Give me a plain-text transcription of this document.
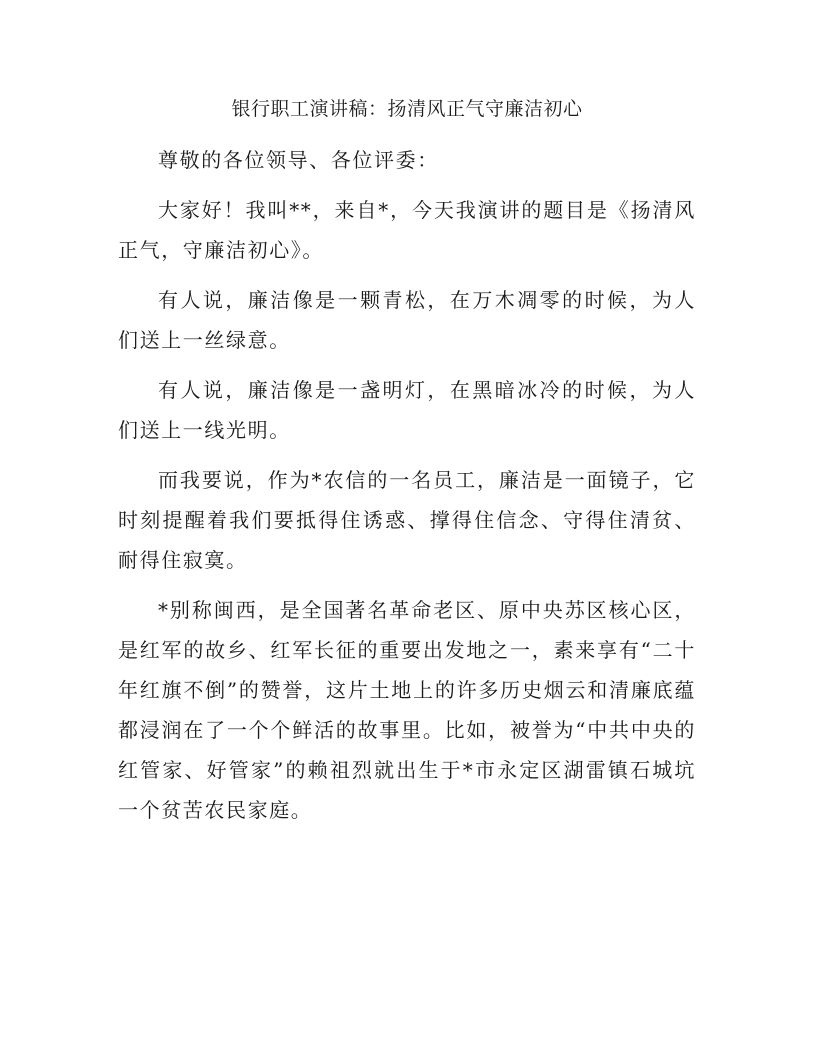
银行职工演讲稿：扬清风正气守廉洁初心

尊敬的各位领导、各位评委：

大家好！我叫**，来自*，今天我演讲的题目是《扬清风正气，守廉洁初心》。

有人说，廉洁像是一颗青松，在万木凋零的时候，为人们送上一丝绿意。

有人说，廉洁像是一盏明灯，在黑暗冰冷的时候，为人们送上一线光明。

而我要说，作为*农信的一名员工，廉洁是一面镜子，它时刻提醒着我们要抵得住诱惑、撑得住信念、守得住清贫、耐得住寂寞。

*别称闽西，是全国著名革命老区、原中央苏区核心区，是红军的故乡、红军长征的重要出发地之一，素来享有“二十年红旗不倒”的赞誉，这片土地上的许多历史烟云和清廉底蕴都浸润在了一个个鲜活的故事里。比如，被誉为“中共中央的红管家、好管家”的赖祖烈就出生于*市永定区湖雷镇石城坑一个贫苦农民家庭。
